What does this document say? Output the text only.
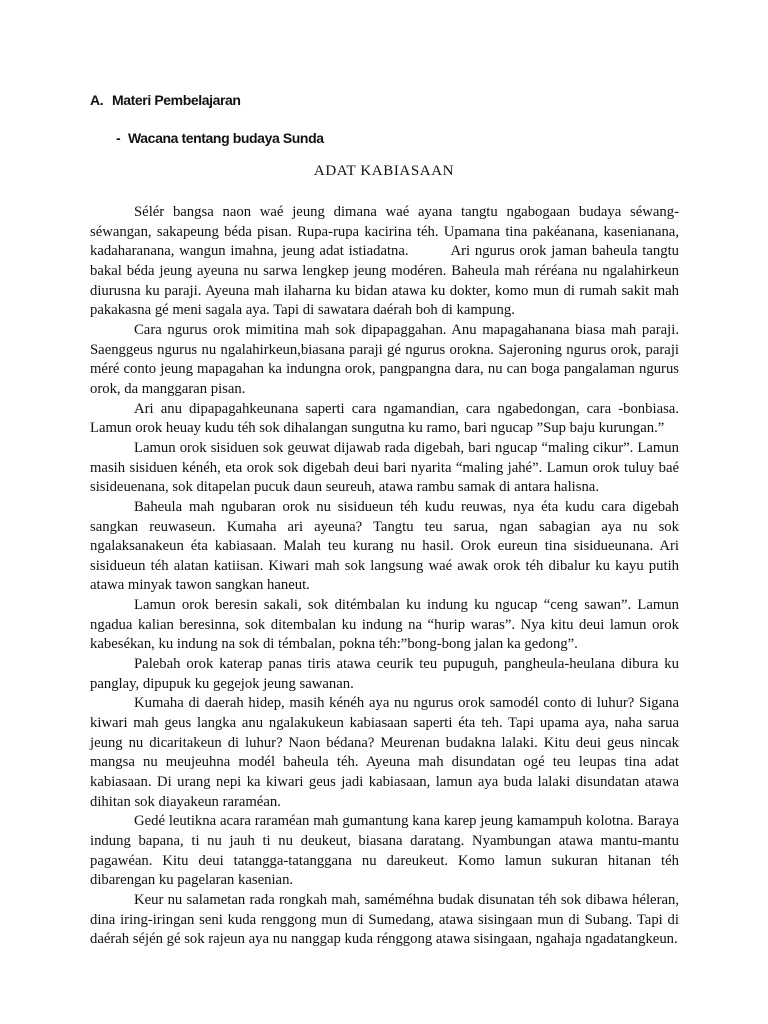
A. Materi Pembelajaran
- Wacana tentang budaya Sunda
ADAT KABIASAAN

Sélér bangsa naon waé jeung dimana waé ayana tangtu ngabogaan budaya séwang-séwangan, sakapeung béda pisan. Rupa-rupa kacirina téh. Upamana tina pakéanana, kasenianana, kadaharanana, wangun imahna, jeung adat istiadatna.         Ari ngurus orok jaman baheula tangtu bakal béda jeung ayeuna nu sarwa lengkep jeung modéren. Baheula mah réréana nu ngalahirkeun diurusna ku paraji. Ayeuna mah ilaharna ku bidan atawa ku dokter, komo mun di rumah sakit mah pakakasna gé meni sagala aya. Tapi di sawatara daérah boh di kampung.

Cara ngurus orok mimitina mah sok dipapaggahan. Anu mapagahanana biasa mah paraji. Saenggeus ngurus nu ngalahirkeun,biasana paraji gé ngurus orokna. Sajeroning ngurus orok, paraji méré conto jeung mapagahan ka indungna orok, pangpangna dara, nu can boga pangalaman ngurus orok, da manggaran pisan.

Ari anu dipapagahkeunana saperti cara ngamandian, cara ngabedongan, cara -bonbiasa. Lamun orok heuay kudu téh sok dihalangan sungutna ku ramo, bari ngucap ”Sup baju kurungan.”

Lamun orok sisiduen sok geuwat dijawab rada digebah, bari ngucap “maling cikur”. Lamun masih sisiduen kénéh, eta orok sok digebah deui bari nyarita “maling jahé”. Lamun orok tuluy baé sisideuenana, sok ditapelan pucuk daun seureuh, atawa rambu samak di antara halisna.

Baheula mah ngubaran orok nu sisidueun téh kudu reuwas, nya éta kudu cara digebah sangkan reuwaseun. Kumaha ari ayeuna? Tangtu teu sarua, ngan sabagian aya nu sok ngalaksanakeun éta kabiasaan. Malah teu kurang nu hasil. Orok eureun tina sisidueunana. Ari sisidueun téh alatan katiisan. Kiwari mah sok langsung waé awak orok téh dibalur ku kayu putih atawa minyak tawon sangkan haneut.

Lamun orok beresin sakali, sok ditémbalan ku indung ku ngucap “ceng sawan”. Lamun ngadua kalian beresinna, sok ditembalan ku indung na “hurip waras”. Nya kitu deui lamun orok kabesékan, ku indung na sok di témbalan, pokna téh:”bong-bong jalan ka gedong”.

Palebah orok katerap panas tiris atawa ceurik teu pupuguh, pangheula-heulana dibura ku panglay, dipupuk ku gegejok jeung sawanan.

Kumaha di daerah hidep, masih kénéh aya nu ngurus orok samodél conto di luhur? Sigana kiwari mah geus langka anu ngalakukeun kabiasaan saperti éta teh. Tapi upama aya, naha sarua jeung nu dicaritakeun di luhur? Naon bédana? Meurenan budakna lalaki. Kitu deui geus nincak mangsa nu meujeuhna modél baheula téh. Ayeuna mah disundatan ogé teu leupas tina adat kabiasaan. Di urang nepi ka kiwari geus jadi kabiasaan, lamun aya buda lalaki disundatan atawa dihitan sok diayakeun raraméan.

Gedé leutikna acara raraméan mah gumantung kana karep jeung kamampuh kolotna. Baraya indung bapana, ti nu jauh ti nu deukeut, biasana daratang. Nyambungan atawa mantu-mantu pagawéan. Kitu deui tatangga-tatanggana nu dareukeut. Komo lamun sukuran hitanan téh dibarengan ku pagelaran kasenian.

Keur nu salametan rada rongkah mah, saméméhna budak disunatan téh sok dibawa héleran, dina iring-iringan seni kuda renggong mun di Sumedang, atawa sisingaan mun di Subang. Tapi di daérah séjén gé sok rajeun aya nu nanggap kuda rénggong atawa sisingaan, ngahaja ngadatangkeun.
